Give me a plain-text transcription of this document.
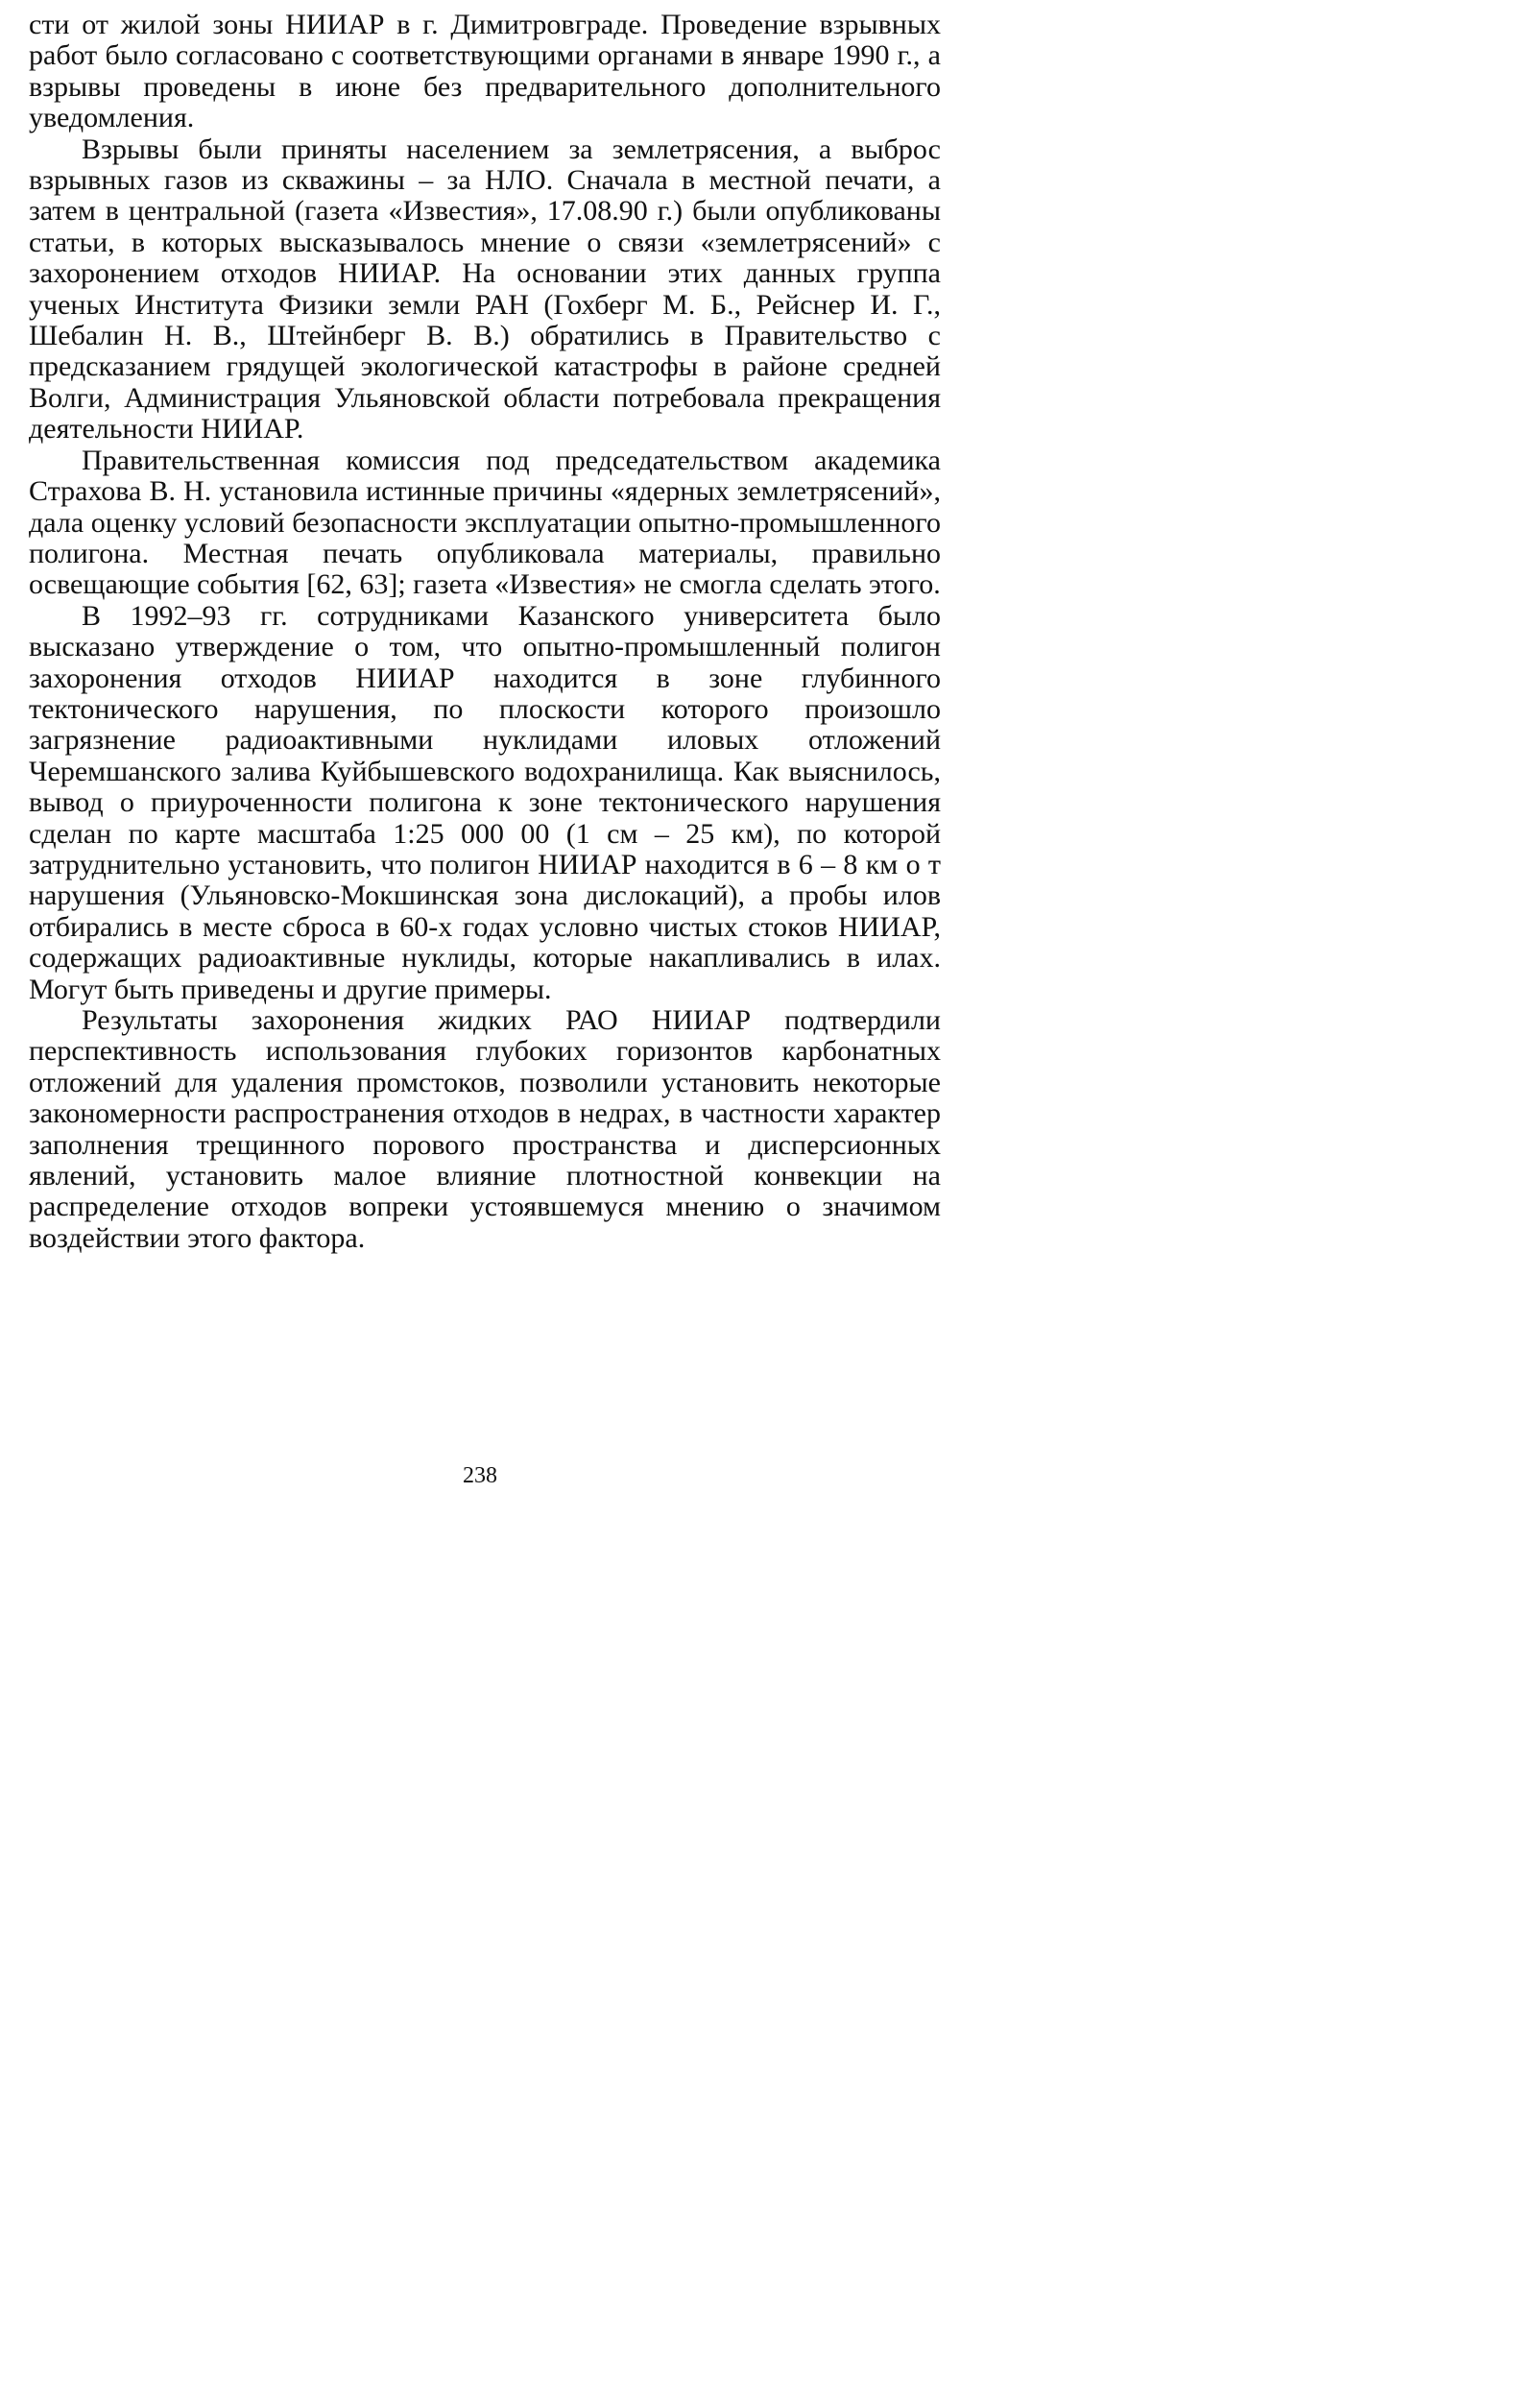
сти от жилой зоны НИИАР в г. Димитровграде. Проведение взрывных работ было согласовано с соответствующими органами в январе 1990 г., а взрывы проведены в июне без предварительного дополнительного уведомления.

Взрывы были приняты населением за землетрясения, а выброс взрывных газов из скважины – за НЛО. Сначала в местной печати, а затем в центральной (газета «Известия», 17.08.90 г.) были опубликованы статьи, в которых высказывалось мнение о связи «землетрясений» с захоронением отходов НИИАР. На основании этих данных группа ученых Института Физики земли РАН (Гохберг М. Б., Рейснер И. Г., Шебалин Н. В., Штейнберг В. В.) обратились в Правительство с предсказанием грядущей экологической катастрофы в районе средней Волги, Администрация Ульяновской области потребовала прекращения деятельности НИИАР.

Правительственная комиссия под председательством академика Страхова В. Н. установила истинные причины «ядерных землетрясений», дала оценку условий безопасности эксплуатации опытно-промышленного полигона. Местная печать опубликовала материалы, правильно освещающие события [62, 63]; газета «Известия» не смогла сделать этого.

В 1992–93 гг. сотрудниками Казанского университета было высказано утверждение о том, что опытно-промышленный полигон захоронения отходов НИИАР находится в зоне глубинного тектонического нарушения, по плоскости которого произошло загрязнение радиоактивными нуклидами иловых отложений Черемшанского залива Куйбышевского водохранилища. Как выяснилось, вывод о приуроченности полигона к зоне тектонического нарушения сделан по карте масштаба 1:25 000 00 (1 см – 25 км), по которой затруднительно установить, что полигон НИИАР находится в 6 – 8 км о т нарушения (Ульяновско-Мокшинская зона дислокаций), а пробы илов отбирались в месте сброса в 60-х годах условно чистых стоков НИИАР, содержащих радиоактивные нуклиды, которые накапливались в илах. Могут быть приведены и другие примеры.

Результаты захоронения жидких РАО НИИАР подтвердили перспективность использования глубоких горизонтов карбонатных отложений для удаления промстоков, позволили установить некоторые закономерности распространения отходов в недрах, в частности характер заполнения трещинного порового пространства и дисперсионных явлений, установить малое влияние плотностной конвекции на распределение отходов вопреки устоявшемуся мнению о значимом воздействии этого фактора.

238
